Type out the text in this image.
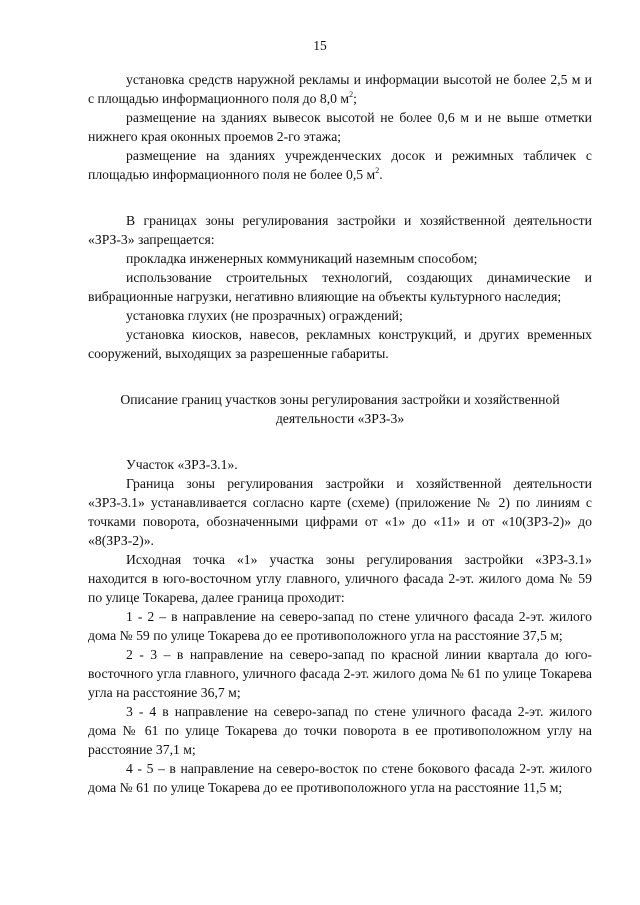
15

установка средств наружной рекламы и информации высотой не более 2,5 м и с площадью информационного поля до 8,0 $м^2$;

размещение на зданиях вывесок высотой не более 0,6 м и не выше отметки нижнего края оконных проемов 2-го этажа;

размещение на зданиях учрежденческих досок и режимных табличек с площадью информационного поля не более 0,5 $м^2$.

В границах зоны регулирования застройки и хозяйственной деятельности «ЗРЗ-3» запрещается:

прокладка инженерных коммуникаций наземным способом;

использование строительных технологий, создающих динамические и вибрационные нагрузки, негативно влияющие на объекты культурного наследия;

установка глухих (не прозрачных) ограждений;

установка киосков, навесов, рекламных конструкций, и других временных сооружений, выходящих за разрешенные габариты.

Описание границ участков зоны регулирования застройки и хозяйственной деятельности «ЗРЗ-3»

Участок «ЗРЗ-3.1».

Граница зоны регулирования застройки и хозяйственной деятельности «ЗРЗ-3.1» устанавливается согласно карте (схеме) (приложение № 2) по линиям с точками поворота, обозначенными цифрами от «1» до «11» и от «10(ЗРЗ-2)» до «8(ЗРЗ-2)».

Исходная точка «1» участка зоны регулирования застройки «ЗРЗ-3.1» находится в юго-восточном углу главного, уличного фасада 2-эт. жилого дома № 59 по улице Токарева, далее граница проходит:

1 - 2 – в направление на северо-запад по стене уличного фасада 2-эт. жилого дома № 59 по улице Токарева до ее противоположного угла на расстояние 37,5 м;

2 - 3 – в направление на северо-запад по красной линии квартала до юго-восточного угла главного, уличного фасада 2-эт. жилого дома № 61 по улице Токарева угла на расстояние 36,7 м;

3 - 4 в направление на северо-запад по стене уличного фасада 2-эт. жилого дома № 61 по улице Токарева до точки поворота в ее противоположном углу на расстояние 37,1 м;

4 - 5 – в направление на северо-восток по стене бокового фасада 2-эт. жилого дома № 61 по улице Токарева до ее противоположного угла на расстояние 11,5 м;
